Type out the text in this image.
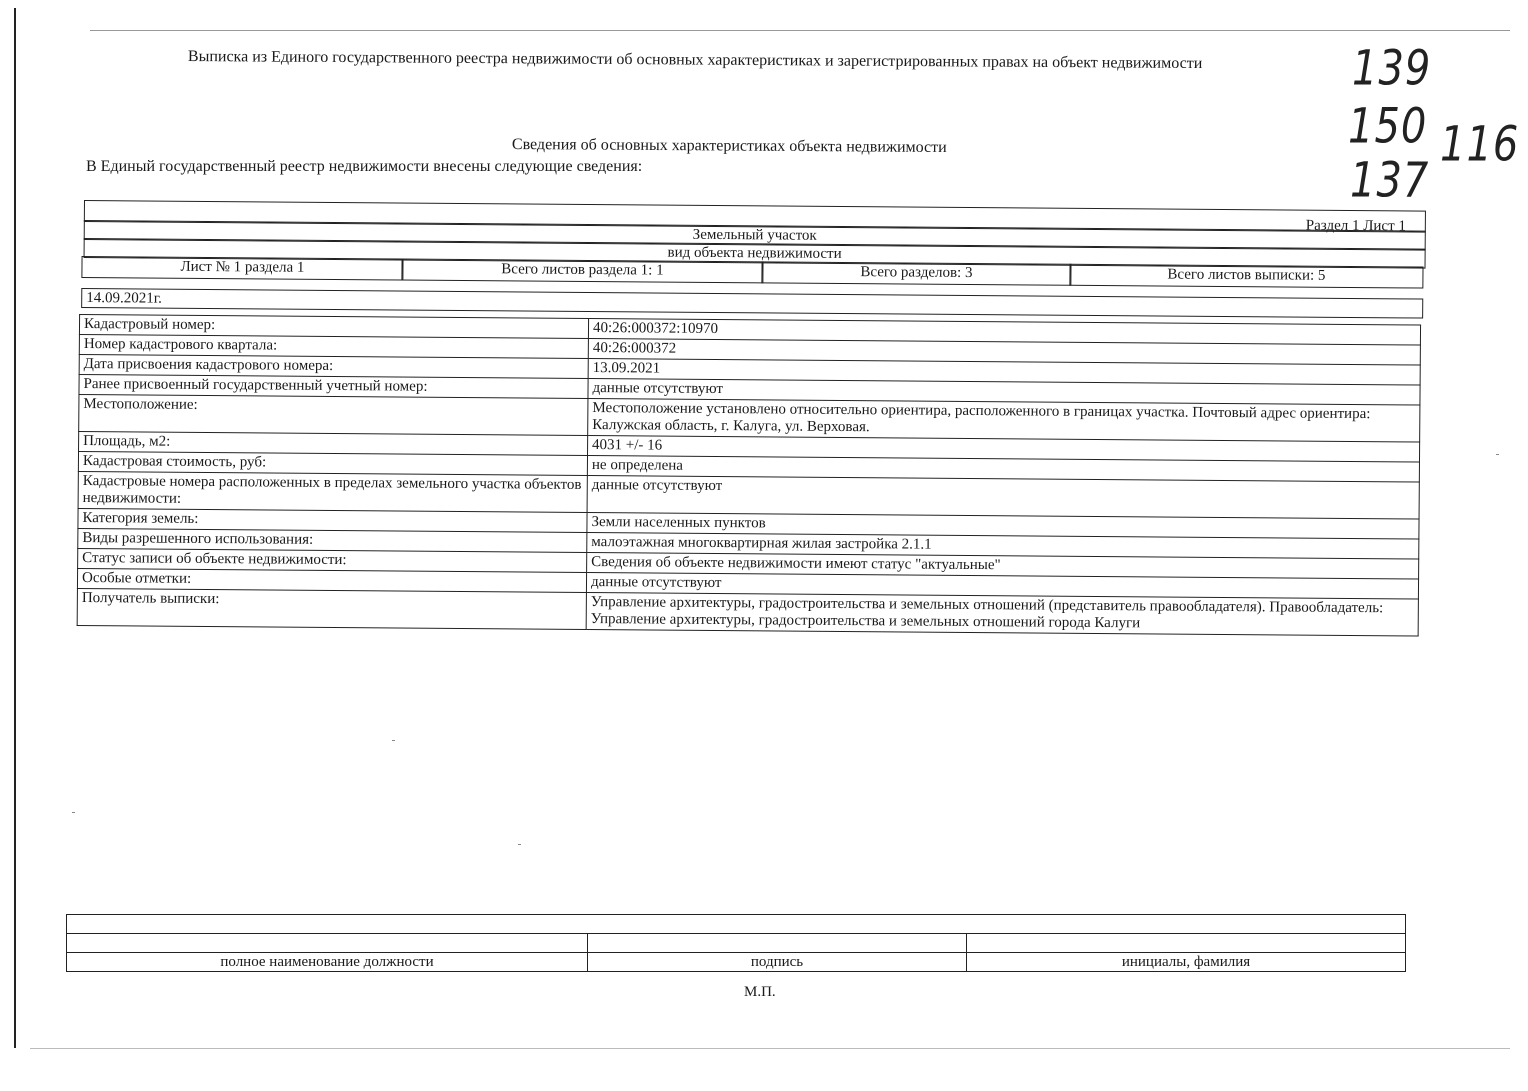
Выписка из Единого государственного реестра недвижимости об основных характеристиках и зарегистрированных правах на объект недвижимости	139
150
137
116
Сведения об основных характеристиках объекта недвижимости
В Единый государственный реестр недвижимости внесены следующие сведения:
Раздел 1 Лист 1
Земельный участок
вид объекта недвижимости
Лист № 1 раздела 1	Всего листов раздела 1: 1	Всего разделов: 3	Всего листов выписки: 5
14.09.2021г.
Кадастровый номер:	40:26:000372:10970
Номер кадастрового квартала:	40:26:000372
Дата присвоения кадастрового номера:	13.09.2021
Ранее присвоенный государственный учетный номер:	данные отсутствуют
Местоположение:	Местоположение установлено относительно ориентира, расположенного в границах участка. Почтовый адрес ориентира: Калужская область, г. Калуга, ул. Верховая.
Площадь, м2:	4031 +/- 16
Кадастровая стоимость, руб:	не определена
Кадастровые номера расположенных в пределах земельного участка объектов недвижимости:	данные отсутствуют
Категория земель:	Земли населенных пунктов
Виды разрешенного использования:	малоэтажная многоквартирная жилая застройка 2.1.1
Статус записи об объекте недвижимости:	Сведения об объекте недвижимости имеют статус "актуальные"
Особые отметки:	данные отсутствуют
Получатель выписки:	Управление архитектуры, градостроительства и земельных отношений (представитель правообладателя). Правообладатель: Управление архитектуры, градостроительства и земельных отношений города Калуги

полное наименование должности	подпись	инициалы, фамилия
М.П.
